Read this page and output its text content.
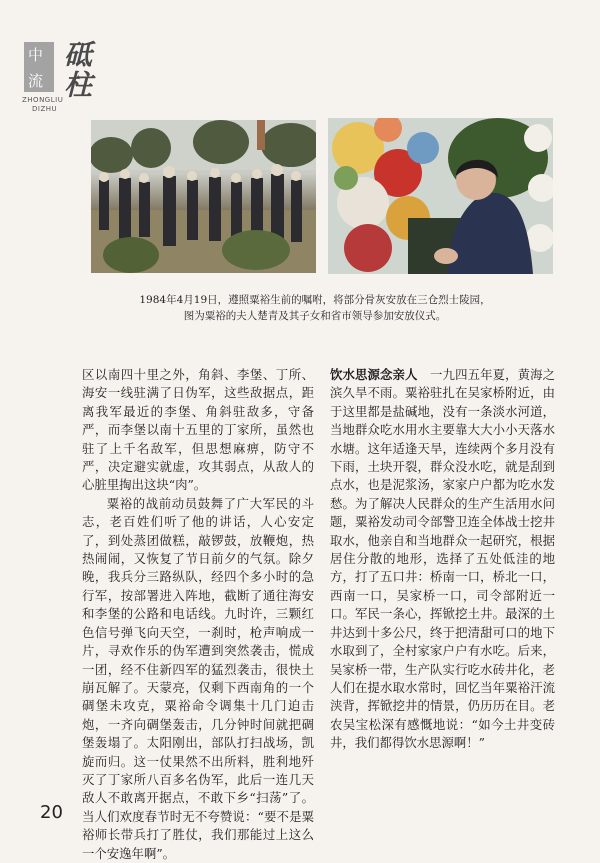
中
流 砥柱
ZHONGLIU
DIZHU
1984年4月19日，遵照粟裕生前的嘱咐，将部分骨灰安放在三仓烈士陵园，
图为粟裕的夫人楚青及其子女和省市领导参加安放仪式。

区以南四十里之外，角斜、李堡、丁所、海安一线驻满了日伪军，这些敌据点，距离我军最近的李堡、角斜驻敌多，守备严，而李堡以南十五里的丁家所，虽然也驻了上千名敌军，但思想麻痹，防守不严，决定避实就虚，攻其弱点，从敌人的心脏里掏出这块“肉”。

粟裕的战前动员鼓舞了广大军民的斗志，老百姓们听了他的讲话，人心安定了，到处蒸团做糕，敲锣鼓，放鞭炮，热热闹闹，又恢复了节日前夕的气氛。除夕晚，我兵分三路纵队，经四个多小时的急行军，按部署进入阵地，截断了通往海安和李堡的公路和电话线。九时许，三颗红色信号弹飞向天空，一刹时，枪声响成一片，寻欢作乐的伪军遭到突然袭击，慌成一团，经不住新四军的猛烈袭击，很快土崩瓦解了。天蒙亮，仅剩下西南角的一个碉堡未攻克，粟裕命令调集十几门迫击炮，一齐向碉堡轰击，几分钟时间就把碉堡轰塌了。太阳刚出，部队打扫战场，凯旋而归。这一仗果然不出所料，胜利地歼灭了丁家所八百多名伪军，此后一连几天敌人不敢离开据点，不敢下乡“扫荡”了。当人们欢度春节时无不夸赞说：“要不是粟裕师长带兵打了胜仗，我们那能过上这么一个安逸年啊”。

饮水思源念亲人　一九四五年夏，黄海之滨久旱不雨。粟裕驻扎在吴家桥附近，由于这里都是盐碱地，没有一条淡水河道，当地群众吃水用水主要靠大大小小天落水水塘。这年适逢天旱，连续两个多月没有下雨，土块开裂，群众没水吃，就是刮到点水，也是泥浆汤，家家户户都为吃水发愁。为了解决人民群众的生产生活用水问题，粟裕发动司令部警卫连全体战士挖井取水，他亲自和当地群众一起研究，根据居住分散的地形，选择了五处低洼的地方，打了五口井：桥南一口，桥北一口，西南一口，吴家桥一口，司令部附近一口。军民一条心，挥锨挖土井。最深的土井达到十多公尺，终于把清甜可口的地下水取到了，全村家家户户有水吃。后来，吴家桥一带，生产队实行吃水砖井化，老人们在提水取水常时，回忆当年粟裕汗流浃背，挥锨挖井的情景，仍历历在目。老农吴宝松深有感慨地说：“如今土井变砖井，我们都得饮水思源啊！”

20
